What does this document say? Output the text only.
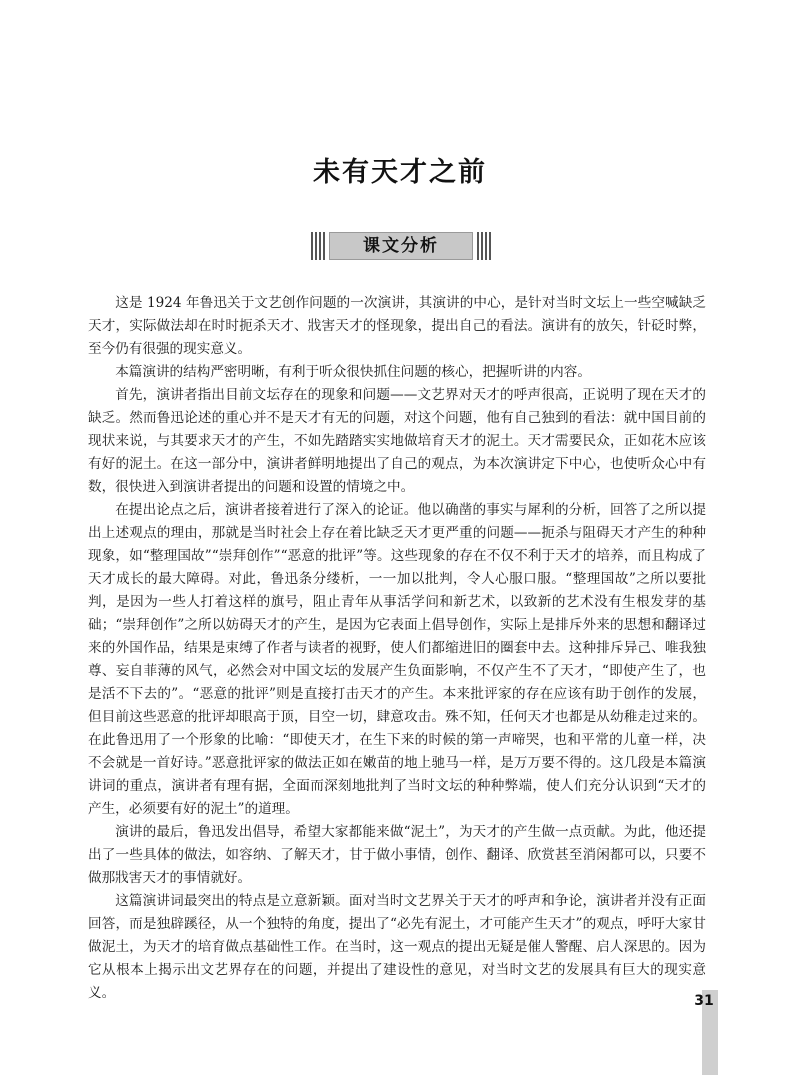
未有天才之前
课文分析

这是 1924 年鲁迅关于文艺创作问题的一次演讲，其演讲的中心，是针对当时文坛上一些空喊缺乏天才，实际做法却在时时扼杀天才、戕害天才的怪现象，提出自己的看法。演讲有的放矢，针砭时弊，至今仍有很强的现实意义。

本篇演讲的结构严密明晰，有利于听众很快抓住问题的核心，把握听讲的内容。

首先，演讲者指出目前文坛存在的现象和问题——文艺界对天才的呼声很高，正说明了现在天才的缺乏。然而鲁迅论述的重心并不是天才有无的问题，对这个问题，他有自己独到的看法：就中国目前的现状来说，与其要求天才的产生，不如先踏踏实实地做培育天才的泥土。天才需要民众，正如花木应该有好的泥土。在这一部分中，演讲者鲜明地提出了自己的观点，为本次演讲定下中心，也使听众心中有数，很快进入到演讲者提出的问题和设置的情境之中。

在提出论点之后，演讲者接着进行了深入的论证。他以确凿的事实与犀利的分析，回答了之所以提出上述观点的理由，那就是当时社会上存在着比缺乏天才更严重的问题——扼杀与阻碍天才产生的种种现象，如“整理国故”“崇拜创作”“恶意的批评”等。这些现象的存在不仅不利于天才的培养，而且构成了天才成长的最大障碍。对此，鲁迅条分缕析，一一加以批判，令人心服口服。“整理国故”之所以要批判，是因为一些人打着这样的旗号，阻止青年从事活学问和新艺术，以致新的艺术没有生根发芽的基础；“崇拜创作”之所以妨碍天才的产生，是因为它表面上倡导创作，实际上是排斥外来的思想和翻译过来的外国作品，结果是束缚了作者与读者的视野，使人们都缩进旧的圈套中去。这种排斥异己、唯我独尊、妄自菲薄的风气，必然会对中国文坛的发展产生负面影响，不仅产生不了天才，“即使产生了，也是活不下去的”。“恶意的批评”则是直接打击天才的产生。本来批评家的存在应该有助于创作的发展，但目前这些恶意的批评却眼高于顶，目空一切，肆意攻击。殊不知，任何天才也都是从幼稚走过来的。在此鲁迅用了一个形象的比喻：“即使天才，在生下来的时候的第一声啼哭，也和平常的儿童一样，决不会就是一首好诗。”恶意批评家的做法正如在嫩苗的地上驰马一样，是万万要不得的。这几段是本篇演讲词的重点，演讲者有理有据，全面而深刻地批判了当时文坛的种种弊端，使人们充分认识到“天才的产生，必须要有好的泥土”的道理。

演讲的最后，鲁迅发出倡导，希望大家都能来做“泥土”，为天才的产生做一点贡献。为此，他还提出了一些具体的做法，如容纳、了解天才，甘于做小事情，创作、翻译、欣赏甚至消闲都可以，只要不做那戕害天才的事情就好。

这篇演讲词最突出的特点是立意新颖。面对当时文艺界关于天才的呼声和争论，演讲者并没有正面回答，而是独辟蹊径，从一个独特的角度，提出了“必先有泥土，才可能产生天才”的观点，呼吁大家甘做泥土，为天才的培育做点基础性工作。在当时，这一观点的提出无疑是催人警醒、启人深思的。因为它从根本上揭示出文艺界存在的问题，并提出了建设性的意见，对当时文艺的发展具有巨大的现实意义。	31
